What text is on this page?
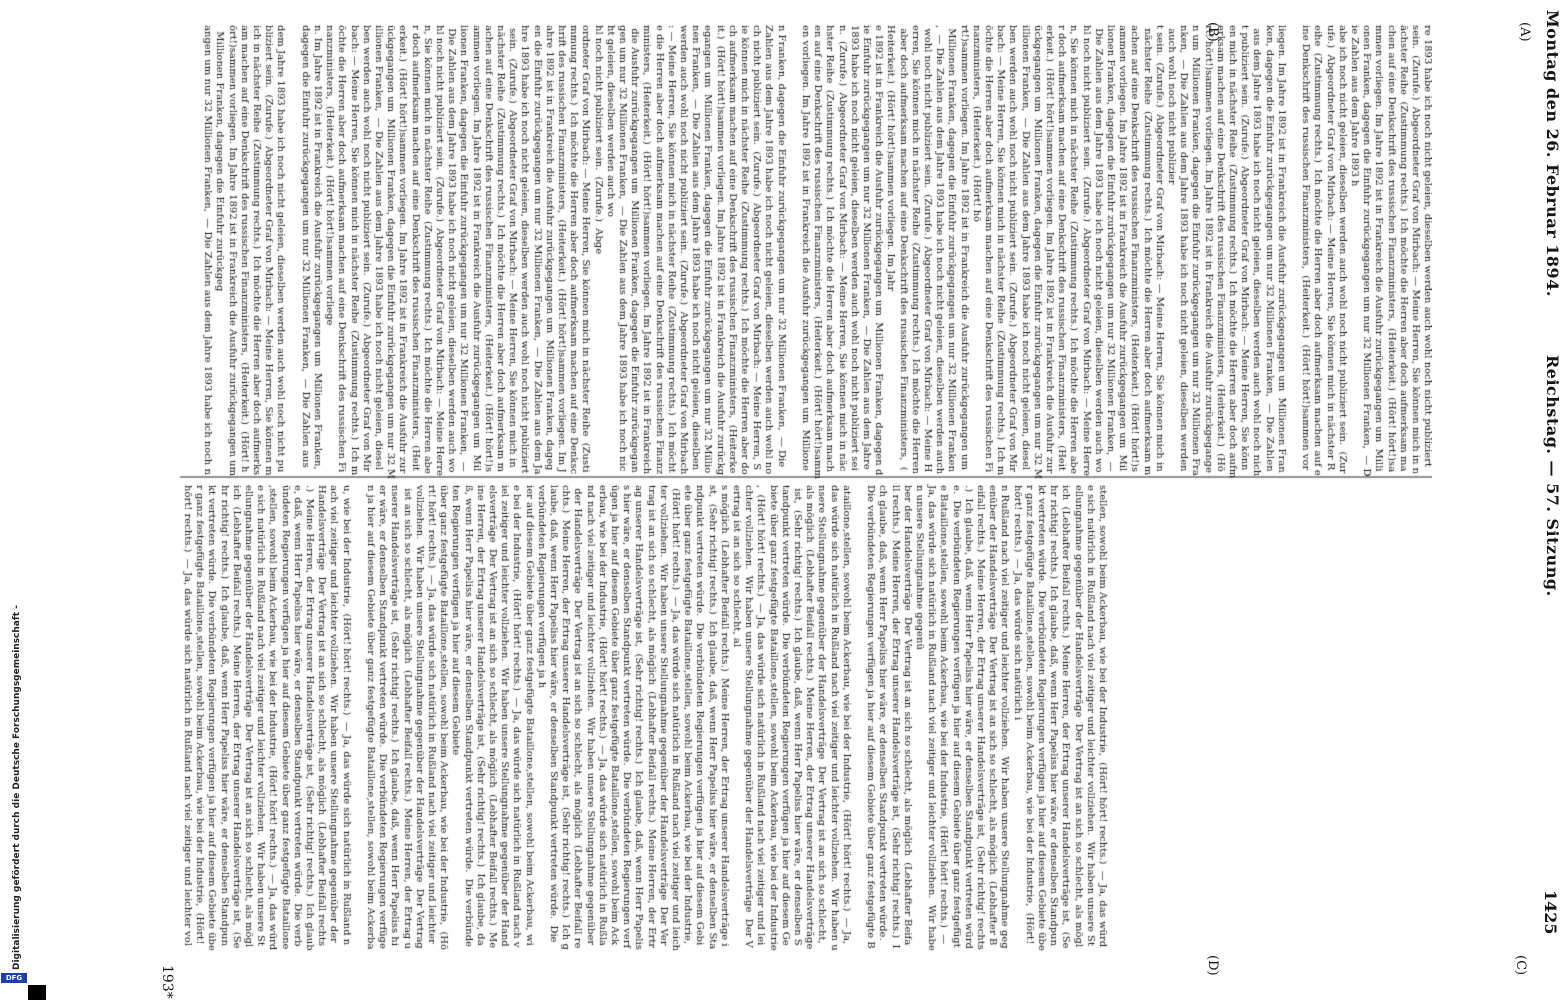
Montag den 26. Februar 1894.
Reichstag. — 57. Sitzung.
1425
(A)
(B)
(C)
(D)
193*
Digitalisierung gefördert durch die Deutsche Forschungsgemeinschaft -
DFG
